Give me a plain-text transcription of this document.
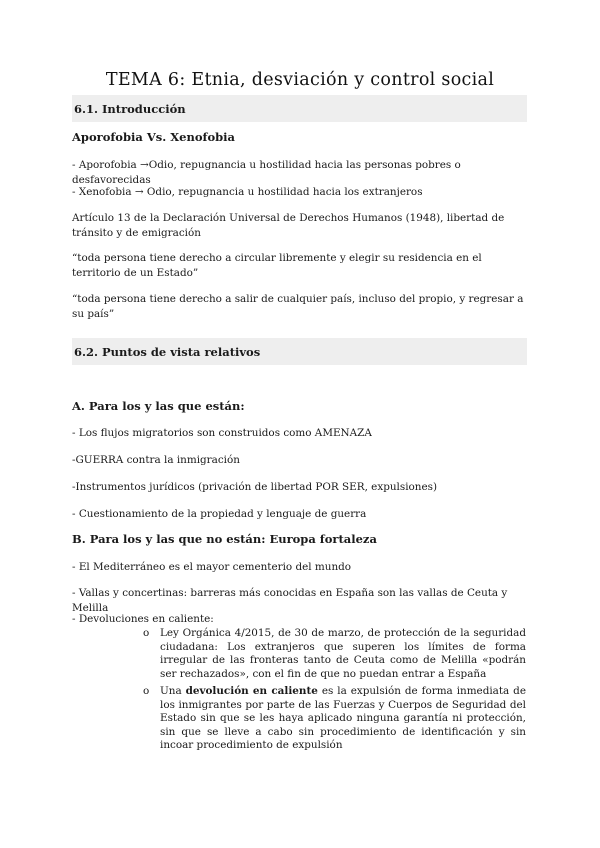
TEMA 6: Etnia, desviación y control social
6.1. Introducción
Aporofobia Vs. Xenofobia
- Aporofobia →Odio, repugnancia u hostilidad hacia las personas pobres o desfavorecidas
- Xenofobia → Odio, repugnancia u hostilidad hacia los extranjeros
Artículo 13 de la Declaración Universal de Derechos Humanos (1948), libertad de tránsito y de emigración
“toda persona tiene derecho a circular libremente y elegir su residencia en el territorio de un Estado”
“toda persona tiene derecho a salir de cualquier país, incluso del propio, y regresar a su país”
6.2. Puntos de vista relativos
A. Para los y las que están:
- Los flujos migratorios son construidos como AMENAZA
-GUERRA contra la inmigración
-Instrumentos jurídicos (privación de libertad POR SER, expulsiones)
- Cuestionamiento de la propiedad y lenguaje de guerra
B. Para los y las que no están: Europa fortaleza
- El Mediterráneo es el mayor cementerio del mundo
- Vallas y concertinas: barreras más conocidas en España son las vallas de Ceuta y Melilla
- Devoluciones en caliente:
o Ley Orgánica 4/2015, de 30 de marzo, de protección de la seguridad ciudadana: Los extranjeros que superen los límites de forma irregular de las fronteras tanto de Ceuta como de Melilla «podrán ser rechazados», con el fin de que no puedan entrar a España
o Una devolución en caliente es la expulsión de forma inmediata de los inmigrantes por parte de las Fuerzas y Cuerpos de Seguridad del Estado sin que se les haya aplicado ninguna garantía ni protección, sin que se lleve a cabo sin procedimiento de identificación y sin incoar procedimiento de expulsión
